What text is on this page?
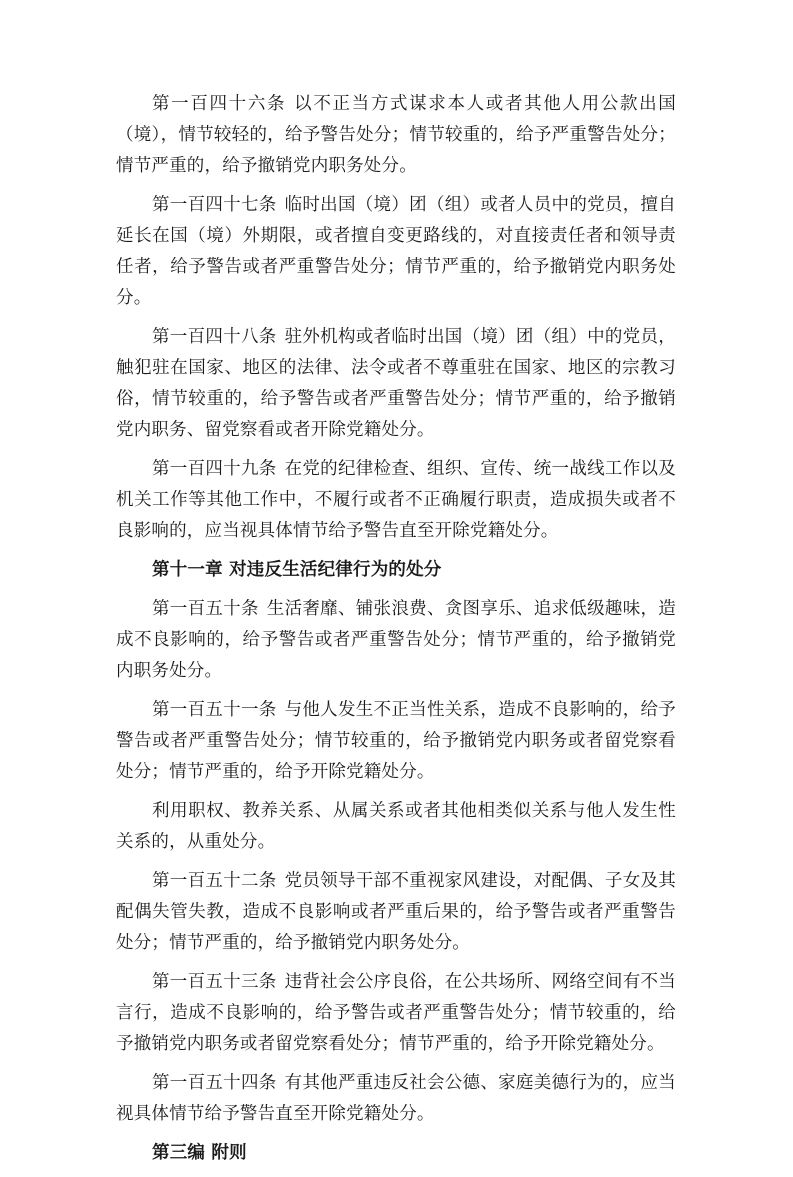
第一百四十六条 以不正当方式谋求本人或者其他人用公款出国（境），情节较轻的，给予警告处分；情节较重的，给予严重警告处分；情节严重的，给予撤销党内职务处分。

第一百四十七条 临时出国（境）团（组）或者人员中的党员，擅自延长在国（境）外期限，或者擅自变更路线的，对直接责任者和领导责任者，给予警告或者严重警告处分；情节严重的，给予撤销党内职务处分。

第一百四十八条 驻外机构或者临时出国（境）团（组）中的党员，触犯驻在国家、地区的法律、法令或者不尊重驻在国家、地区的宗教习俗，情节较重的，给予警告或者严重警告处分；情节严重的，给予撤销党内职务、留党察看或者开除党籍处分。

第一百四十九条 在党的纪律检查、组织、宣传、统一战线工作以及机关工作等其他工作中，不履行或者不正确履行职责，造成损失或者不良影响的，应当视具体情节给予警告直至开除党籍处分。

第十一章 对违反生活纪律行为的处分

第一百五十条 生活奢靡、铺张浪费、贪图享乐、追求低级趣味，造成不良影响的，给予警告或者严重警告处分；情节严重的，给予撤销党内职务处分。

第一百五十一条 与他人发生不正当性关系，造成不良影响的，给予警告或者严重警告处分；情节较重的，给予撤销党内职务或者留党察看处分；情节严重的，给予开除党籍处分。

利用职权、教养关系、从属关系或者其他相类似关系与他人发生性关系的，从重处分。

第一百五十二条 党员领导干部不重视家风建设，对配偶、子女及其配偶失管失教，造成不良影响或者严重后果的，给予警告或者严重警告处分；情节严重的，给予撤销党内职务处分。

第一百五十三条 违背社会公序良俗，在公共场所、网络空间有不当言行，造成不良影响的，给予警告或者严重警告处分；情节较重的，给予撤销党内职务或者留党察看处分；情节严重的，给予开除党籍处分。

第一百五十四条 有其他严重违反社会公德、家庭美德行为的，应当视具体情节给予警告直至开除党籍处分。

第三编 附则
